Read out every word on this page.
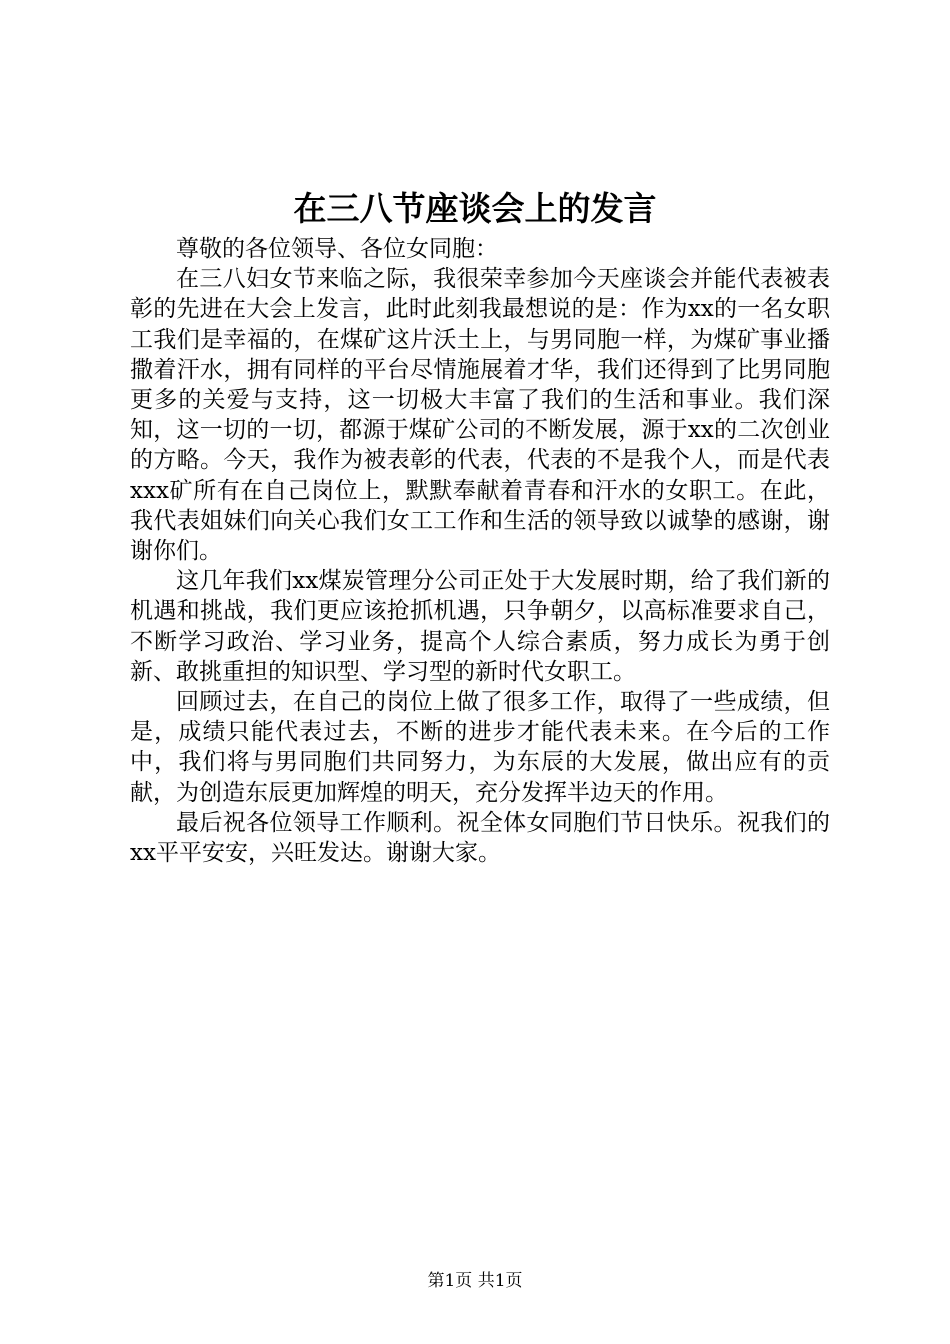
在三八节座谈会上的发言

尊敬的各位领导、各位女同胞：

在三八妇女节来临之际，我很荣幸参加今天座谈会并能代表被表彰的先进在大会上发言，此时此刻我最想说的是：作为xx的一名女职工我们是幸福的，在煤矿这片沃土上，与男同胞一样，为煤矿事业播撒着汗水，拥有同样的平台尽情施展着才华，我们还得到了比男同胞更多的关爱与支持，这一切极大丰富了我们的生活和事业。我们深知，这一切的一切，都源于煤矿公司的不断发展，源于xx的二次创业的方略。今天，我作为被表彰的代表，代表的不是我个人，而是代表xxx矿所有在自己岗位上，默默奉献着青春和汗水的女职工。在此，我代表姐妹们向关心我们女工工作和生活的领导致以诚挚的感谢，谢谢你们。

这几年我们xx煤炭管理分公司正处于大发展时期，给了我们新的机遇和挑战，我们更应该抢抓机遇，只争朝夕，以高标准要求自己，不断学习政治、学习业务，提高个人综合素质，努力成长为勇于创新、敢挑重担的知识型、学习型的新时代女职工。

回顾过去，在自己的岗位上做了很多工作，取得了一些成绩，但是，成绩只能代表过去，不断的进步才能代表未来。在今后的工作中，我们将与男同胞们共同努力，为东辰的大发展，做出应有的贡献，为创造东辰更加辉煌的明天，充分发挥半边天的作用。

最后祝各位领导工作顺利。祝全体女同胞们节日快乐。祝我们的xx平平安安，兴旺发达。谢谢大家。

第1页 共1页
